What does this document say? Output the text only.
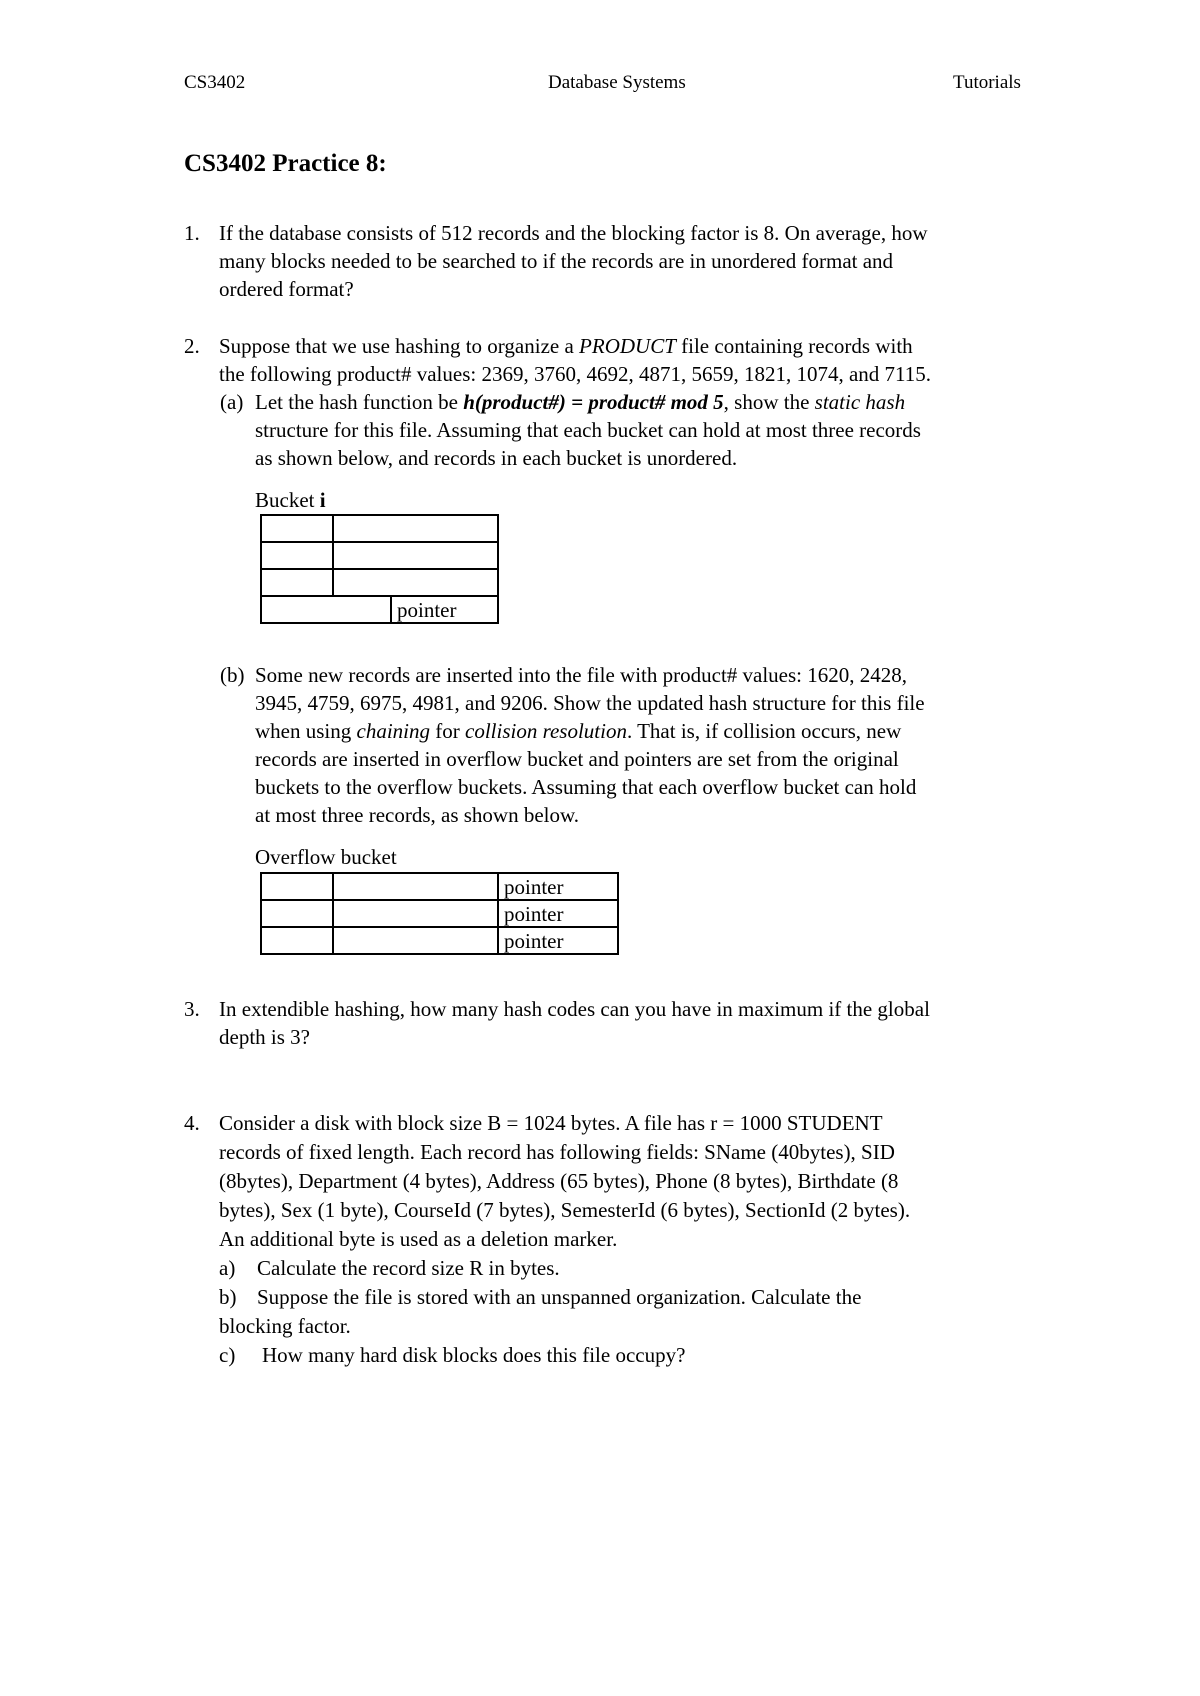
CS3402	Database Systems	Tutorials

CS3402 Practice 8:

1. If the database consists of 512 records and the blocking factor is 8. On average, how

many blocks needed to be searched to if the records are in unordered format and

ordered format?

2. Suppose that we use hashing to organize a PRODUCT file containing records with

the following product# values: 2369, 3760, 4692, 4871, 5659, 1821, 1074, and 7115.

(a) Let the hash function be h(product#) = product# mod 5, show the static hash

structure for this file. Assuming that each bucket can hold at most three records

as shown below, and records in each bucket is unordered.

Bucket i

		pointer

(b) Some new records are inserted into the file with product# values: 1620, 2428,

3945, 4759, 6975, 4981, and 9206. Show the updated hash structure for this file

when using chaining for collision resolution. That is, if collision occurs, new

records are inserted in overflow bucket and pointers are set from the original

buckets to the overflow buckets. Assuming that each overflow bucket can hold

at most three records, as shown below.

Overflow bucket

		pointer
		pointer
		pointer

3. In extendible hashing, how many hash codes can you have in maximum if the global

depth is 3?

4. Consider a disk with block size B = 1024 bytes. A file has r = 1000 STUDENT

records of fixed length. Each record has following fields: SName (40bytes), SID

(8bytes), Department (4 bytes), Address (65 bytes), Phone (8 bytes), Birthdate (8

bytes), Sex (1 byte), CourseId (7 bytes), SemesterId (6 bytes), SectionId (2 bytes).

An additional byte is used as a deletion marker.

a) Calculate the record size R in bytes.

b) Suppose the file is stored with an unspanned organization. Calculate the

blocking factor.

c) How many hard disk blocks does this file occupy?
